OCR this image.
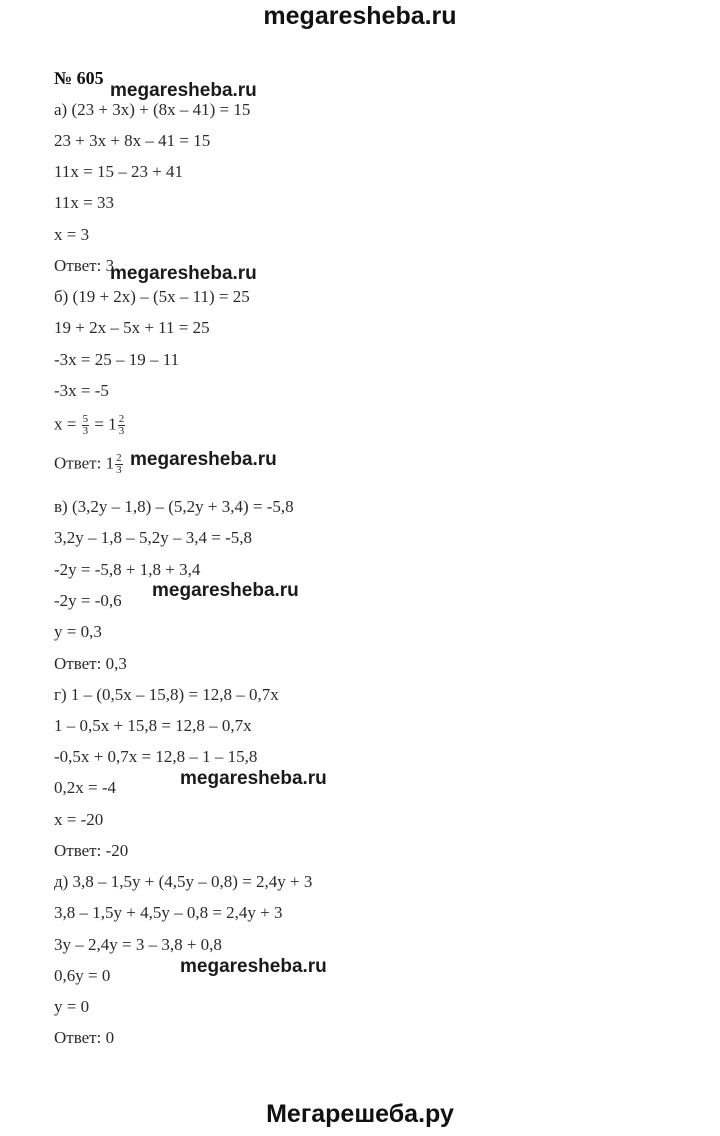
megaresheba.ru
№ 605
а) (23 + 3x) + (8x – 41) = 15
23 + 3x + 8x – 41 = 15
11x = 15 – 23 + 41
11x = 33
x = 3
Ответ: 3
б) (19 + 2x) – (5x – 11) = 25
19 + 2x – 5x + 11 = 25
-3x = 25 – 19 – 11
-3x = -5
$x = \frac{5}{3} = 1 \frac{2}{3}$
Ответ: $1 \frac{2}{3}$
в) (3,2y – 1,8) – (5,2y + 3,4) = -5,8
3,2y – 1,8 – 5,2y – 3,4 = -5,8
-2y = -5,8 + 1,8 + 3,4
-2y = -0,6
y = 0,3
Ответ: 0,3
г) 1 – (0,5x – 15,8) = 12,8 – 0,7x
1 – 0,5x + 15,8 = 12,8 – 0,7x
-0,5x + 0,7x = 12,8 – 1 – 15,8
0,2x = -4
x = -20
Ответ: -20
д) 3,8 – 1,5y + (4,5y – 0,8) = 2,4y + 3
3,8 – 1,5y + 4,5y – 0,8 = 2,4y + 3
3y – 2,4y = 3 – 3,8 + 0,8
0,6y = 0
y = 0
Ответ: 0
megaresheba.ru
megaresheba.ru
megaresheba.ru
megaresheba.ru
megaresheba.ru
megaresheba.ru
Мегарешеба.ру
